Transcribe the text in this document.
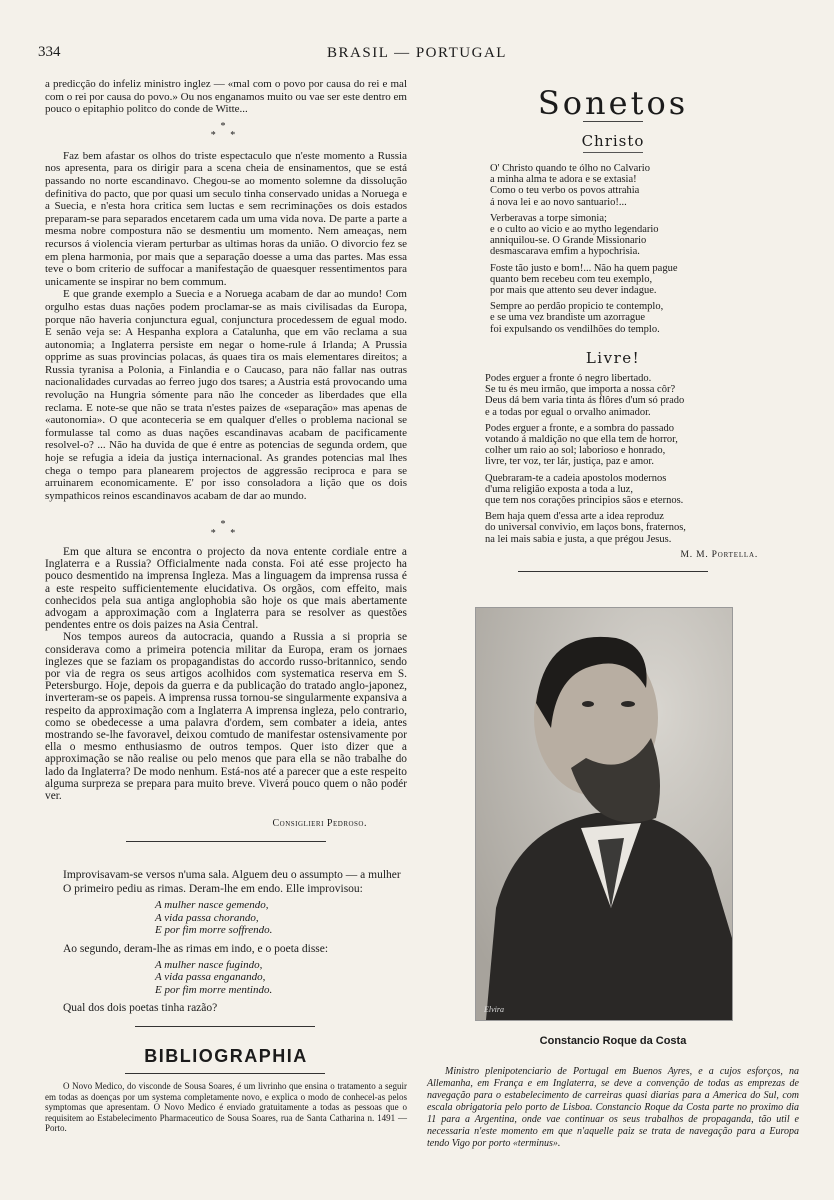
334	BRASIL — PORTUGAL

a predicção do infeliz ministro inglez — «mal com o povo por causa do rei e mal com o rei por causa do povo.» Ou nos enganamos muito ou vae ser este dentro em pouco o epitaphio politco do conde de Witte...

*
* *

Faz bem afastar os olhos do triste espectaculo que n'este momento a Russia nos apresenta, para os dirigir para a scena cheia de ensinamentos, que se está passando no norte escandinavo. Chegou-se ao momento solemne da dissolução definitiva do pacto, que por quasi um seculo tinha conservado unidas a Noruega e a Suecia, e n'esta hora critica sem luctas e sem recriminações os dois estados preparam-se para separados encetarem cada um uma vida nova. De parte a parte a mesma nobre compostura não se desmentiu um momento. Nem ameaças, nem recursos á violencia vieram perturbar as ultimas horas da união. O divorcio fez se em plena harmonia, por mais que a separação doesse a uma das partes. Mas essa teve o bom criterio de suffocar a manifestação de quaesquer ressentimentos para unicamente se inspirar no bem commum.

E que grande exemplo a Suecia e a Noruega acabam de dar ao mundo! Com orgulho estas duas nações podem proclamar-se as mais civilisadas da Europa, porque não haveria conjunctura egual, conjunctura procedessem de egual modo. E senão veja se: A Hespanha explora a Catalunha, que em vão reclama a sua autonomia; a Inglaterra persiste em negar o home-rule á Irlanda; A Prussia opprime as suas provincias polacas, ás quaes tira os mais elementares direitos; a Russia tyranisa a Polonia, a Finlandia e o Caucaso, para não fallar nas outras nacionalidades curvadas ao ferreo jugo dos tsares; a Austria está provocando uma revolução na Hungria sómente para não lhe conceder as liberdades que ella reclama. E note-se que não se trata n'estes paizes de «separação» mas apenas de «autonomia». O que aconteceria se em qualquer d'elles o problema nacional se formulasse tal como as duas nações escandinavas acabam de pacificamente resolvel-o? ... Não ha duvida de que é entre as potencias de segunda ordem, que hoje se refugia a ideia da justiça internacional. As grandes potencias mal lhes chega o tempo para planearem projectos de aggressão reciproca e para se arruinarem economicamente. E' por isso consoladora a lição que os dois sympathicos reinos escandinavos acabam de dar ao mundo.

*
* *

Em que altura se encontra o projecto da nova entente cordiale entre a Inglaterra e a Russia? Officialmente nada consta. Foi até esse projecto ha pouco desmentido na imprensa Ingleza. Mas a linguagem da imprensa russa é a este respeito sufficientemente elucidativa. Os orgãos, com effeito, mais conhecidos pela sua antiga anglophobia são hoje os que mais abertamente advogam a approximação com a Inglaterra para se resolver as questões pendentes entre os dois paizes na Asia Central.

Nos tempos aureos da autocracia, quando a Russia a si propria se considerava como a primeira potencia militar da Europa, eram os jornaes inglezes que se faziam os propagandistas do accordo russo-britannico, sendo por via de regra os seus artigos acolhidos com systematica reserva em S. Petersburgo. Hoje, depois da guerra e da publicação do tratado anglo-japonez, inverteram-se os papeis. A imprensa russa tornou-se singularmente expansiva a respeito da approximação com a Inglaterra A imprensa ingleza, pelo contrario, como se obedecesse a uma palavra d'ordem, sem combater a ideia, antes mostrando se-lhe favoravel, deixou comtudo de manifestar ostensivamente por ella o mesmo enthusiasmo de outros tempos. Quer isto dizer que a approximação se não realise ou pelo menos que para ella se não trabalhe do lado da Inglaterra? De modo nenhum. Está-nos até a parecer que a este respeito alguma surpreza se prepara para muito breve. Viverá pouco quem o não podér ver.

Consiglieri Pedroso.

Improvisavam-se versos n'uma sala. Alguem deu o assumpto — a mulher

O primeiro pediu as rimas. Deram-lhe em endo. Elle improvisou:

A mulher nasce gemendo,
A vida passa chorando,
E por fim morre soffrendo.

Ao segundo, deram-lhe as rimas em indo, e o poeta disse:

A mulher nasce fugindo,
A vida passa enganando,
E por fim morre mentindo.

Qual dos dois poetas tinha razão?

BIBLIOGRAPHIA
O Novo Medico, do visconde de Sousa Soares, é um livrinho que ensina o tratamento a seguir em todas as doenças por um systema completamente novo, e explica o modo de conhecel-as pelos symptomas que apresentam. O Novo Medico é enviado gratuitamente a todas as pessoas que o requisitem ao Estabelecimento Pharmaceutico de Sousa Soares, rua de Santa Catharina n. 1491 — Porto.
Sonetos
Christo
O' Christo quando te ólho no Calvario
a minha alma te adora e se extasia!
Como o teu verbo os povos attrahia
á nova lei e ao novo santuario!...
Verberavas a torpe simonia;
e o culto ao vicio e ao mytho legendario
anniquilou-se. O Grande Missionario
desmascarava emfim a hypochrisia.
Foste tão justo e bom!... Não ha quem pague
quanto bem recebeu com teu exemplo,
por mais que attento seu dever indague.
Sempre ao perdão propicio te contemplo,
e se uma vez brandiste um azorrague
foi expulsando os vendilhões do templo.
Livre!
Podes erguer a fronte ó negro libertado.
Se tu és meu irmão, que importa a nossa côr?
Deus dá bem varia tinta ás flôres d'um só prado
e a todas por egual o orvalho animador.
Podes erguer a fronte, e a sombra do passado
votando á maldição no que ella tem de horror,
colher um raio ao sol; laborioso e honrado,
livre, ter voz, ter lár, justiça, paz e amor.
Quebraram-te a cadeia apostolos modernos
d'uma religião exposta a toda a luz,
que tem nos corações principios sãos e eternos.
Bem haja quem d'essa arte a idea reproduz
do universal convivio, em laços bons, fraternos,
na lei mais sabia e justa, a que prégou Jesus.
M. M. Portella.
Elvira
Constancio Roque da Costa
Ministro plenipotenciario de Portugal em Buenos Ayres, e a cujos esforços, na Allemanha, em França e em Inglaterra, se deve a convenção de todas as emprezas de navegação para o estabelecimento de carreiras quasi diarias para a America do Sul, com escala obrigatoria pelo porto de Lisboa. Constancio Roque da Costa parte no proximo dia 11 para a Argentina, onde vae continuar os seus trabalhos de propaganda, tão util e necessaria n'este momento em que n'aquelle paiz se trata de navegação para a Europa tendo Vigo por porto «terminus».
